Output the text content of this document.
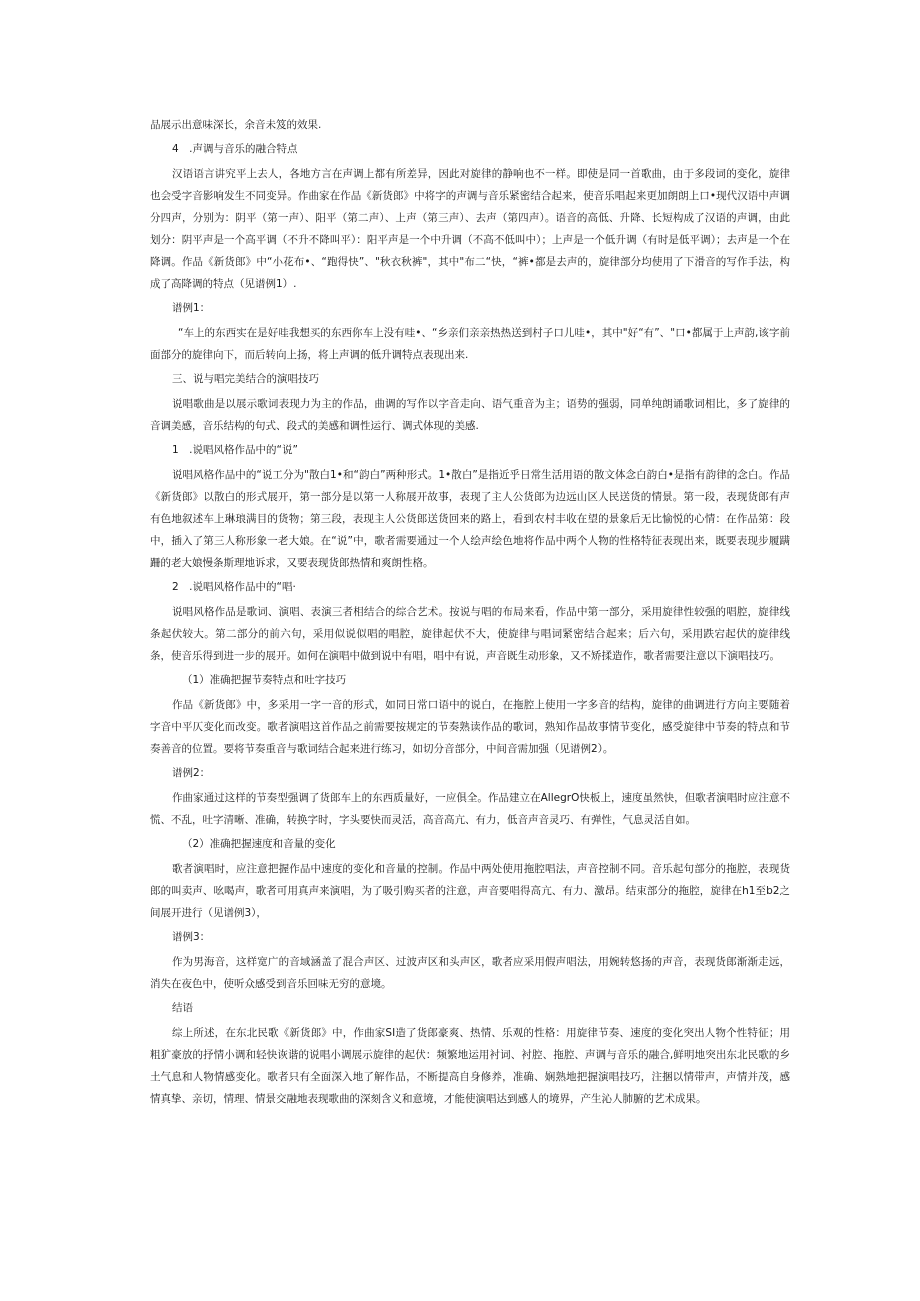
品展示出意味深长，余音未笈的效果.
4　.声调与音乐的融合特点
汉语语言讲究平上去人，各地方言在声调上都有所差异，因此对旋律的静响也不一样。即使是同一首歌曲，由于多段词的变化，旋律也会受字音影响发生不同变异。作曲家在作品《新货郎》中将字的声调与音乐紧密结合起来，使音乐唱起来更加朗朗上口•现代汉语中声调分四声，分别为：阴平（第一声）、阳平（第二声）、上声（第三声）、去声（第四声）。语音的高低、升降、长短构成了汉语的声调，由此划分：阴平声是一个高平调（不升不降叫平）：阳平声是一个中升调（不高不低叫中）；上声是一个低升调（有时是低平调）；去声是一个在降调。作品《新货郎》中“小花布•、“跑得快”、"秋衣秋裤"，其中"布二“快，“裤•都是去声的，旋律部分均使用了下滑音的写作手法，构成了高降调的特点（见谱例1）.
谱例1：
“车上的东西实在是好哇我想买的东西你车上没有哇•、“乡亲们亲亲热热送到村子口儿哇•，其中"好“有”、"口•都属于上声韵,该字前面部分的旋律向下，而后转向上扬，将上声调的低升调特点表现出来.
三、说与唱完美结合的演唱技巧
说唱歌曲是以展示歌词表现力为主的作品，曲调的写作以字音走向、语气重音为主；语势的强弱，同单纯朗诵歌词相比，多了旋律的音调美感，音乐结构的句式、段式的美感和调性运行、调式体现的美感.
1　.说唱风格作品中的“说”
说唱风格作品中的“说工分为"散白1•和“韵白”两种形式。1•散白”是指近乎日常生活用语的散文体念白韵白•是指有韵律的念白。作品《新货郎》以散白的形式展开，第一部分是以第一人称展开故事，表现了主人公货郎为边远山区人民送货的情景。第一段，表现货郎有声有色地叙述车上琳琅满目的货物；第三段，表现主人公货郎送货回来的路上，看到农村丰收在望的景象后无比愉悦的心情：在作品第：段中，插入了第三人称形象一老大娘。在“说”中，歌者需要通过一个人绘声绘色地将作品中两个人物的性格特征表现出来，既要表现步履蹒跚的老大娘慢条斯理地诉求，又要表现货郎热情和爽朗性格。
2　.说唱风格作品中的“唱·
说唱风格作品是歌词、演唱、表演三者相结合的综合艺术。按说与唱的布局来看，作品中第一部分，采用旋律性较强的唱腔，旋律线条起伏较大。第二部分的前六句，采用似说似唱的唱腔，旋律起伏不大，使旋律与唱词紧密结合起来；后六句，采用跌宕起伏的旋律线条，使音乐得到进一步的展开。如何在演唱中做到说中有唱，唱中有说，声音既生动形象，又不矫揉造作，歌者需要注意以下演唱技巧。
（1）准确把握节奏特点和吐字技巧
作品《新货郎》中，多采用一字一音的形式，如同日常口语中的说白，在拖腔上使用一字多音的结构，旋律的曲调进行方向主要随着字音中平仄变化而改变。歌者演唱这首作品之前需要按规定的节奏熟读作品的歌词，熟知作品故事情节变化，感受旋律中节奏的特点和节奏善音的位置。要将节奏重音与歌词结合起来进行练习，如切分音部分，中间音需加强（见谱例2）。
谱例2：
作曲家通过这样的节奏型强调了货郎车上的东西质量好，一应俱全。作品建立在AllegrO快板上，速度虽然快，但歌者演唱时应注意不慌、不乱，吐字清晰、准确，转换字时，字头要快而灵活，高音高亢、有力，低音声音灵巧、有弹性，气息灵活自如。
（2）准确把握速度和音量的变化
歌者演唱时，应注意把握作品中速度的变化和音量的控制。作品中两处使用拖腔唱法，声音控制不同。音乐起句部分的拖腔，表现货郎的叫卖声、吆喝声，歌者可用真声来演唱，为了吸引购买者的注意，声音要唱得高亢、有力、激昂。结束部分的拖腔，旋律在h1至b2之间展开进行（见谱例3），
谱例3：
作为男海音，这样宽广的音域涵盖了混合声区、过波声区和头声区，歌者应采用假声唱法，用婉转悠扬的声音，表现货郎渐渐走远，消失在夜色中，使听众感受到音乐回味无穷的意境。
结语
综上所述，在东北民歌《新货郎》中，作曲家SI造了货郎豪爽、热情、乐观的性格：用旋律节奏、速度的变化突出人物个性特征；用粗犷豪放的抒情小调和轻快诙谐的说唱小调展示旋律的起伏：频繁地运用衬词、衬腔、拖腔、声调与音乐的融合,鲜明地突出东北民歌的乡土气息和人物情感变化。歌者只有全面深入地了解作品，不断提高自身修养，准确、娴熟地把握演唱技巧，注捆以情带声，声情并茂，感情真挚、亲切，情理、情景交融地表现歌曲的深刻含义和意境，才能使演唱达到感人的境界，产生沁人肺腑的艺术成果。
